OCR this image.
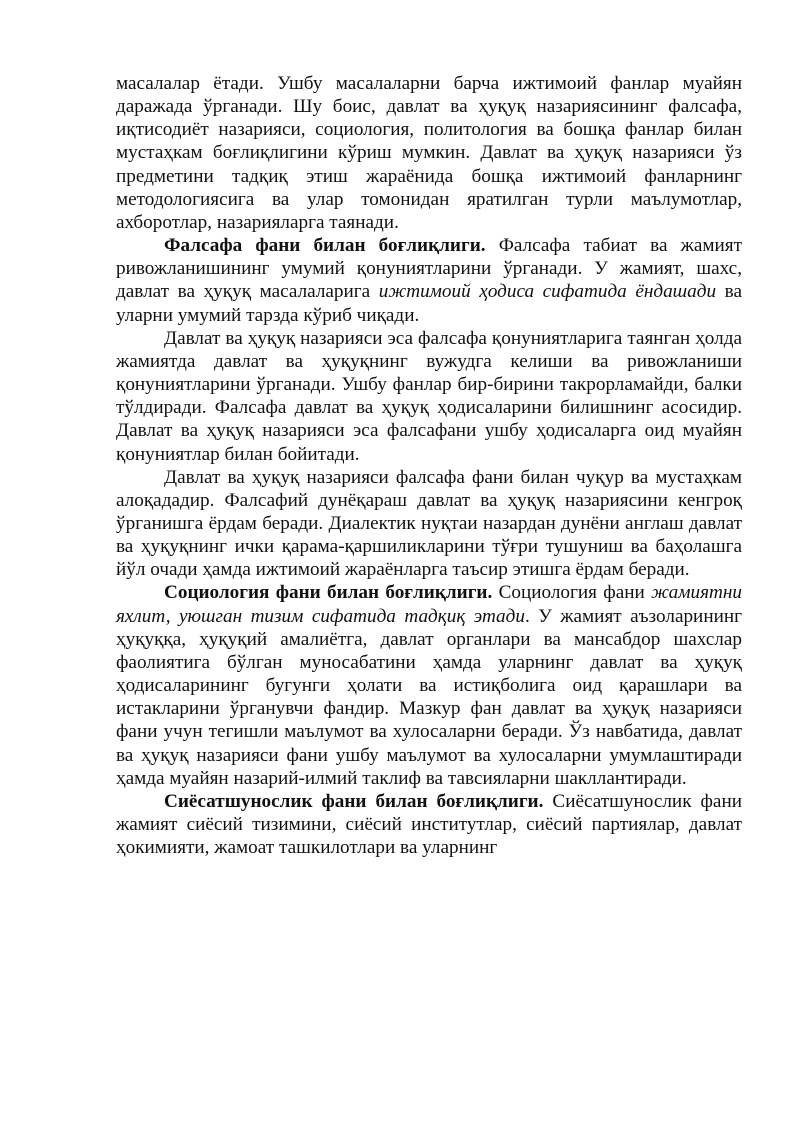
масалалар ётади. Ушбу масалаларни барча ижтимоий фанлар муайян даражада ўрганади. Шу боис, давлат ва ҳуқуқ назариясининг фалсафа, иқтисодиёт назарияси, социология, политология ва бошқа фанлар билан мустаҳкам боғлиқлигини кўриш мумкин. Давлат ва ҳуқуқ назарияси ўз предметини тадқиқ этиш жараёнида бошқа ижтимоий фанларнинг методологиясига ва улар томонидан яратилган турли маълумотлар, ахборотлар, назарияларга таянади.

Фалсафа фани билан боғлиқлиги. Фалсафа табиат ва жамият ривожланишининг умумий қонуниятларини ўрганади. У жамият, шахс, давлат ва ҳуқуқ масалаларига ижтимоий ҳодиса сифатида ёндашади ва уларни умумий тарзда кўриб чиқади.

Давлат ва ҳуқуқ назарияси эса фалсафа қонуниятларига таянган ҳолда жамиятда давлат ва ҳуқуқнинг вужудга келиши ва ривожланиши қонуниятларини ўрганади. Ушбу фанлар бир-бирини такрорламайди, балки тўлдиради. Фалсафа давлат ва ҳуқуқ ҳодисаларини билишнинг асосидир. Давлат ва ҳуқуқ назарияси эса фалсафани ушбу ҳодисаларга оид муайян қонуниятлар билан бойитади.

Давлат ва ҳуқуқ назарияси фалсафа фани билан чуқур ва мустаҳкам алоқададир. Фалсафий дунёқараш давлат ва ҳуқуқ назариясини кенгроқ ўрганишга ёрдам беради. Диалектик нуқтаи назардан дунёни англаш давлат ва ҳуқуқнинг ички қарама-қаршиликларини тўғри тушуниш ва баҳолашга йўл очади ҳамда ижтимоий жараёнларга таъсир этишга ёрдам беради.

Социология фани билан боғлиқлиги. Социология фани жамиятни яхлит, уюшган тизим сифатида тадқиқ этади. У жамият аъзоларининг ҳуқуққа, ҳуқуқий амалиётга, давлат органлари ва мансабдор шахслар фаолиятига бўлган муносабатини ҳамда уларнинг давлат ва ҳуқуқ ҳодисаларининг бугунги ҳолати ва истиқболига оид қарашлари ва истакларини ўрганувчи фандир. Мазкур фан давлат ва ҳуқуқ назарияси фани учун тегишли маълумот ва хулосаларни беради. Ўз навбатида, давлат ва ҳуқуқ назарияси фани ушбу маълумот ва хулосаларни умумлаштиради ҳамда муайян назарий-илмий таклиф ва тавсияларни шакллантиради.

Сиёсатшунослик фани билан боғлиқлиги. Сиёсатшунослик фани жамият сиёсий тизимини, сиёсий институтлар, сиёсий партиялар, давлат ҳокимияти, жамоат ташкилотлари ва уларнинг
